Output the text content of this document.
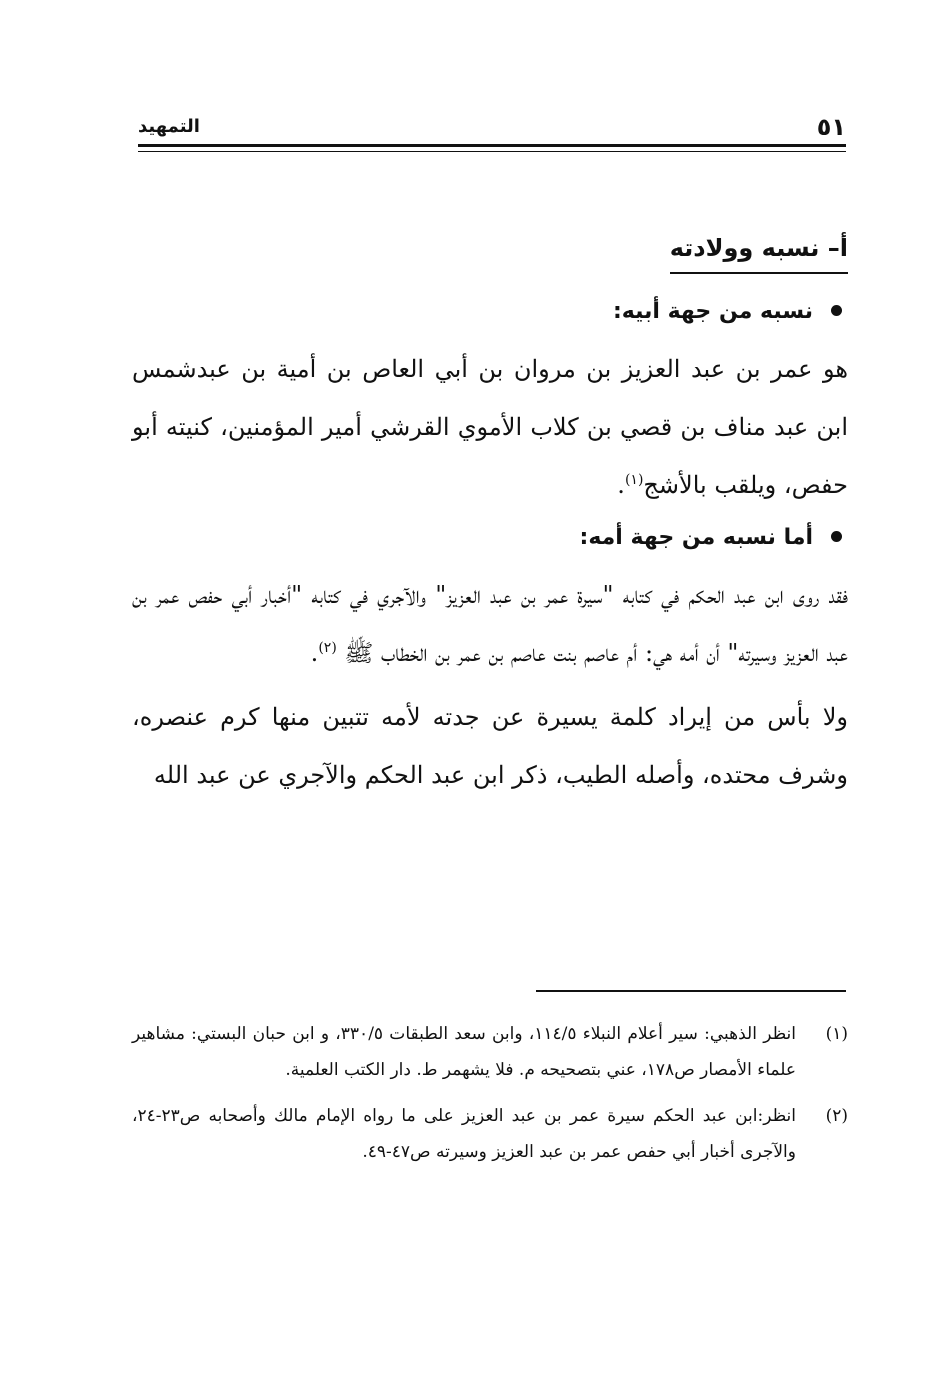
٥١
التمهيد
أ– نسبه وولادته
نسبه من جهة أبيه:

هو عمر بن عبد العزيز بن مروان بن أبي العاص بن أمية بن عبدشمس ابن عبد مناف بن قصي بن كلاب الأموي القرشي أمير المؤمنين، كنيته أبو حفص، ويلقب بالأشج$^{(١)}$.

أما نسبه من جهة أمه:

فقد روى ابن عبد الحكم في كتابه "سيرة عمر بن عبد العزيز" والآجري في كتابه "أخبار أبي حفص عمر بن عبد العزيز وسيرته" أن أمه هي: أم عاصم بنت عاصم بن عمر بن الخطاب ﷺ $^{(٢)}$.

ولا بأس من إيراد كلمة يسيرة عن جدته لأمه تتبين منها كرم عنصره، وشرف محتده، وأصله الطيب، ذكر ابن عبد الحكم والآجري عن عبد الله

(١)
انظر الذهبي: سير أعلام النبلاء ١١٤/٥، وابن سعد الطبقات ٣٣٠/٥، و ابن حبان البستي: مشاهير علماء الأمصار ص١٧٨، عني بتصحيحه م. فلا يشهمر ط. دار الكتب العلمية.

(٢)
انظر:ابن عبد الحكم سيرة عمر بن عبد العزيز على ما رواه الإمام مالك وأصحابه ص٢٣-٢٤، والآجرى أخبار أبي حفص عمر بن عبد العزيز وسيرته ص٤٧-٤٩.
